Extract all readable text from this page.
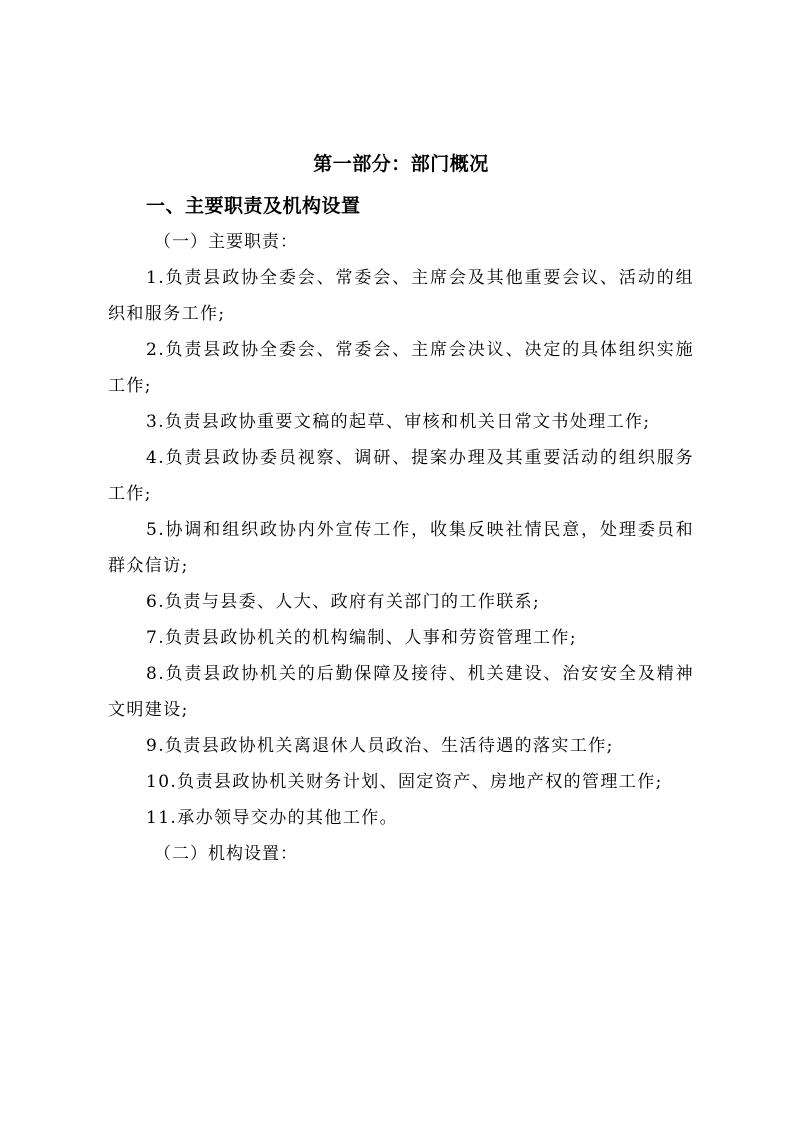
第一部分：部门概况
一、主要职责及机构设置

（一）主要职责：

1.负责县政协全委会、常委会、主席会及其他重要会议、活动的组织和服务工作;
2.负责县政协全委会、常委会、主席会决议、决定的具体组织实施工作;
3.负责县政协重要文稿的起草、审核和机关日常文书处理工作;
4.负责县政协委员视察、调研、提案办理及其重要活动的组织服务工作;
5.协调和组织政协内外宣传工作，收集反映社情民意，处理委员和群众信访;
6.负责与县委、人大、政府有关部门的工作联系;
7.负责县政协机关的机构编制、人事和劳资管理工作;
8.负责县政协机关的后勤保障及接待、机关建设、治安安全及精神文明建设;
9.负责县政协机关离退休人员政治、生活待遇的落实工作;
10.负责县政协机关财务计划、固定资产、房地产权的管理工作;
11.承办领导交办的其他工作。

（二）机构设置：
